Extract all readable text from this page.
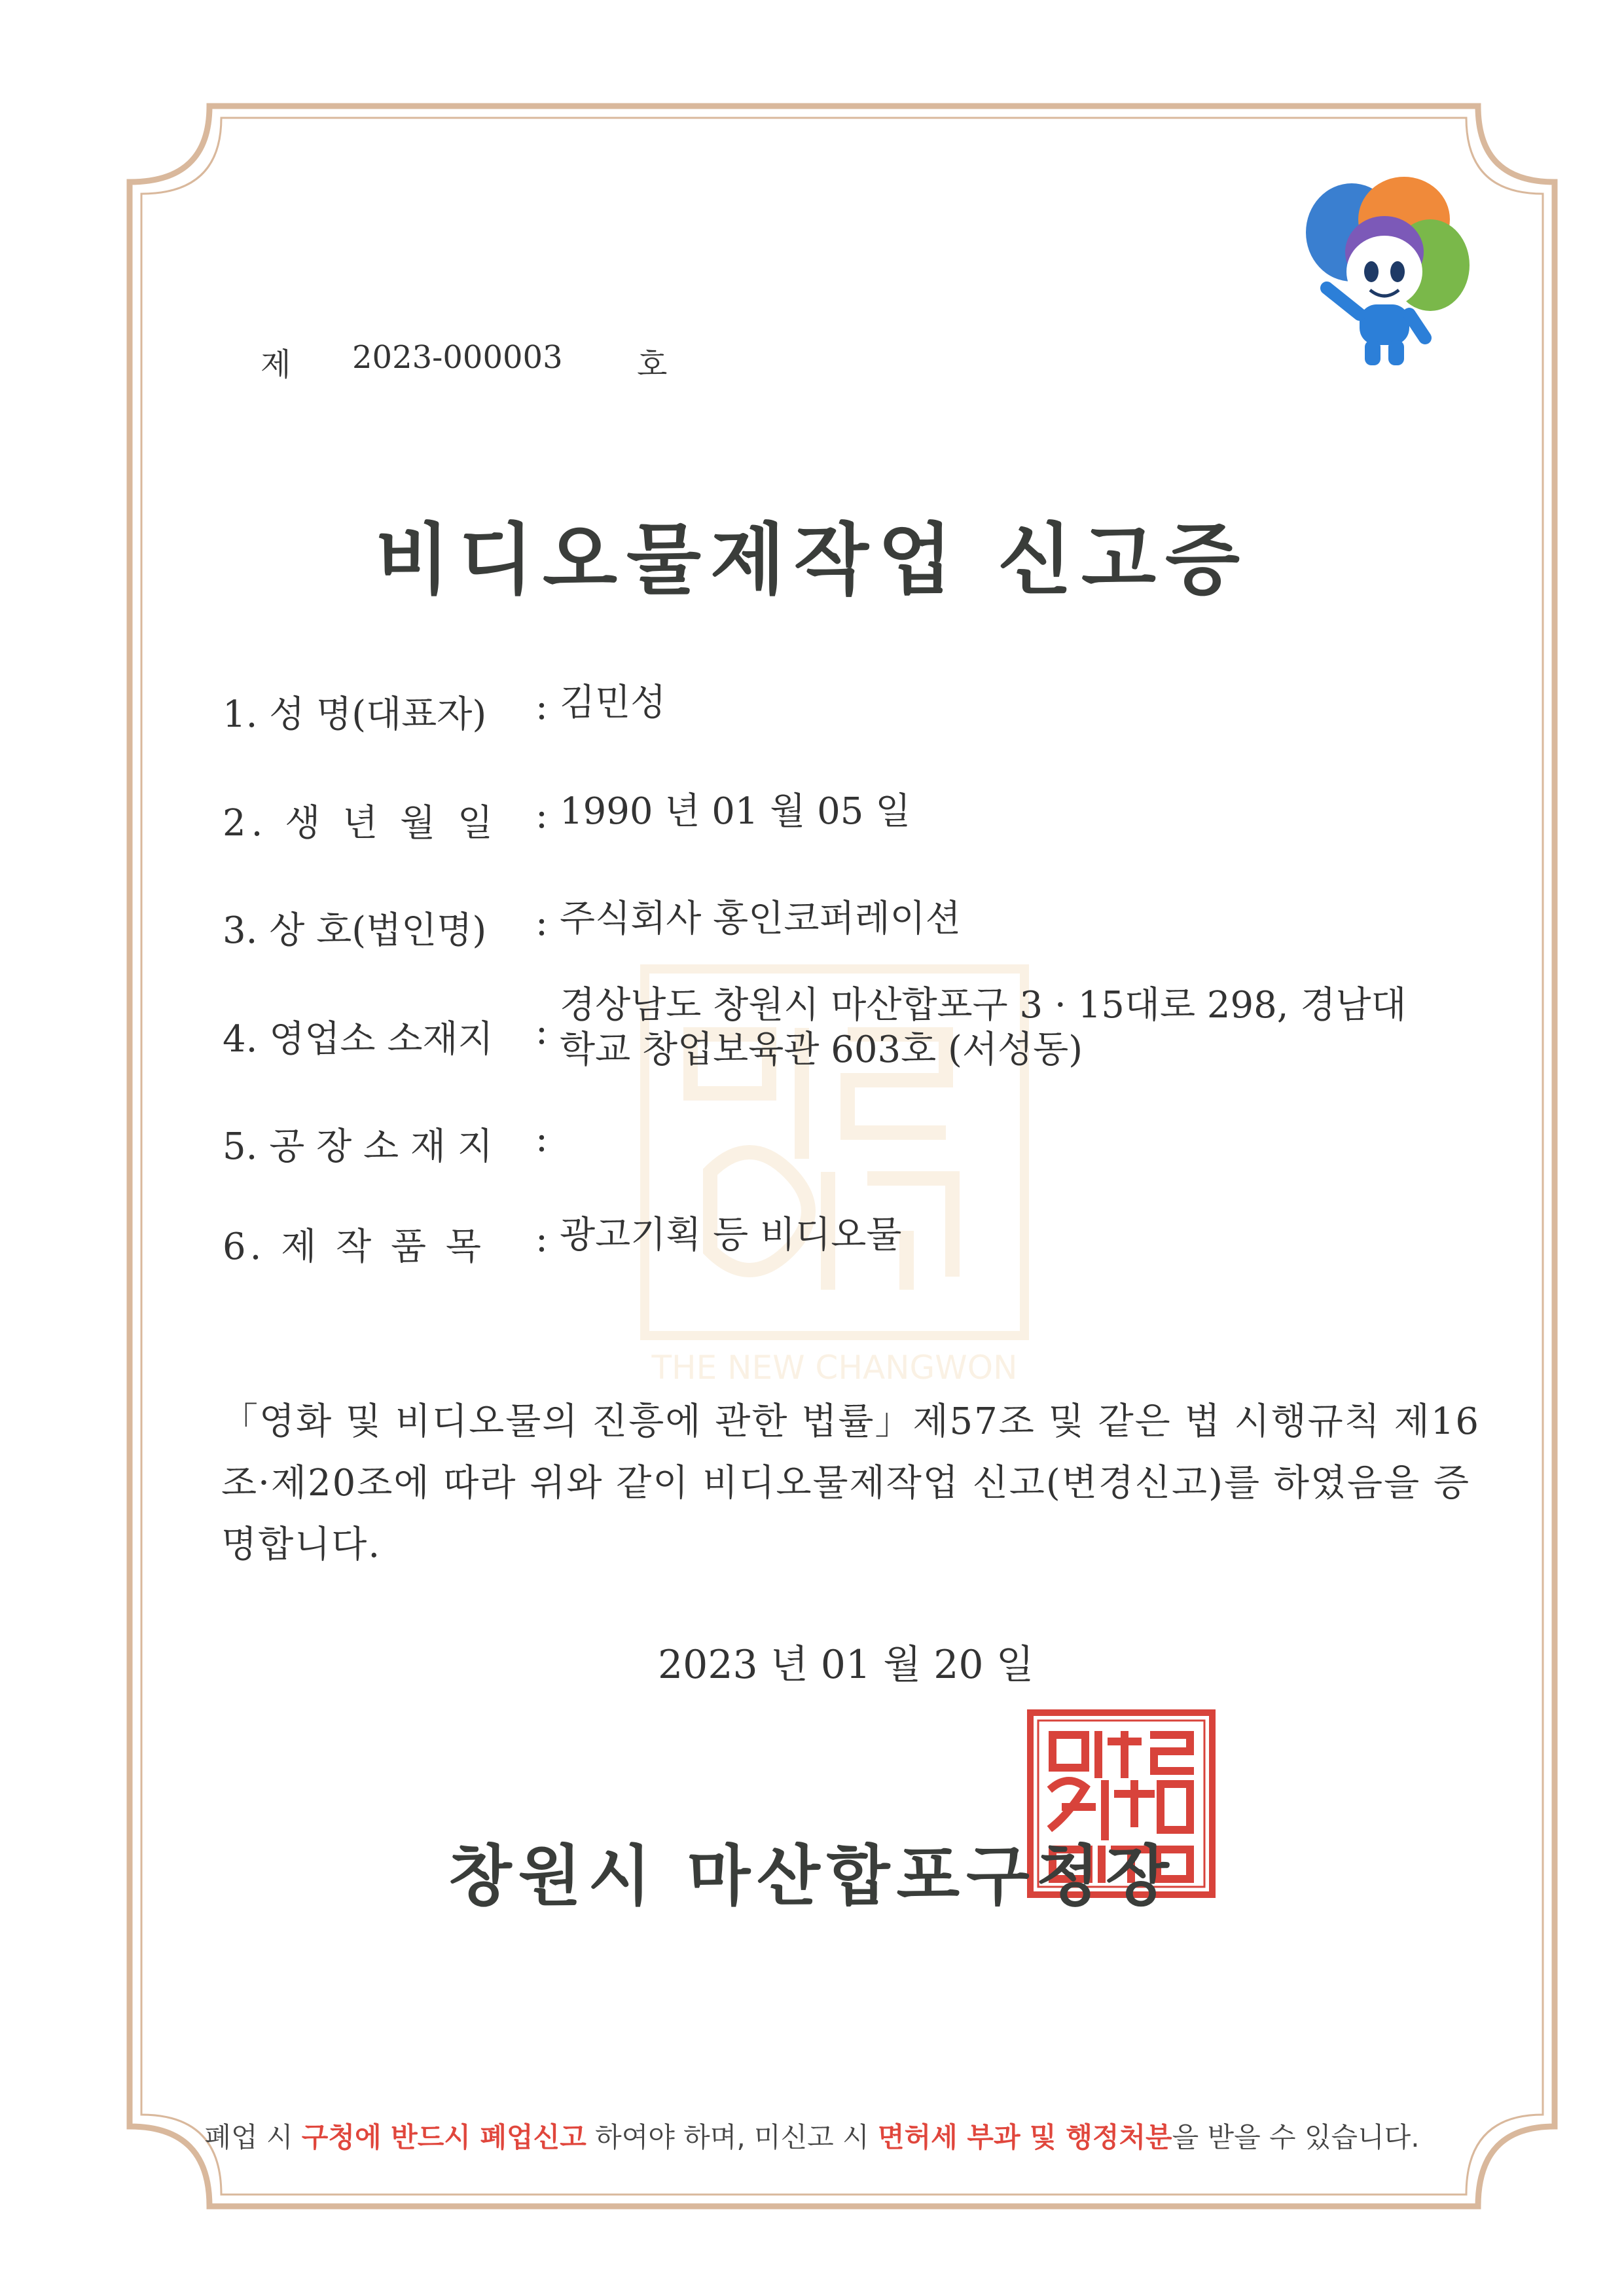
THE NEW CHANGWON
제 2023-000003 호
비디오물제작업 신고증
1. 성 명(대표자) : 김민성
2. 생 년 월 일 : 1990 년 01 월 05 일
3. 상 호(법인명) : 주식회사 홍인코퍼레이션
4. 영업소 소재지 :
경상남도 창원시 마산합포구 3 · 15대로 298, 경남대
학교 창업보육관 603호 (서성동)
5. 공 장 소 재 지 :
6. 제 작 품 목 : 광고기획 등 비디오물
「영화 및 비디오물의 진흥에 관한 법률」제57조 및 같은 법 시행규칙 제16
조·제20조에 따라 위와 같이 비디오물제작업 신고(변경신고)를 하였음을 증
명합니다.
2023 년 01 월 20 일
창원시 마산합포구청장
폐업 시 구청에 반드시 폐업신고 하여야 하며, 미신고 시 면허세 부과 및 행정처분을 받을 수 있습니다.
